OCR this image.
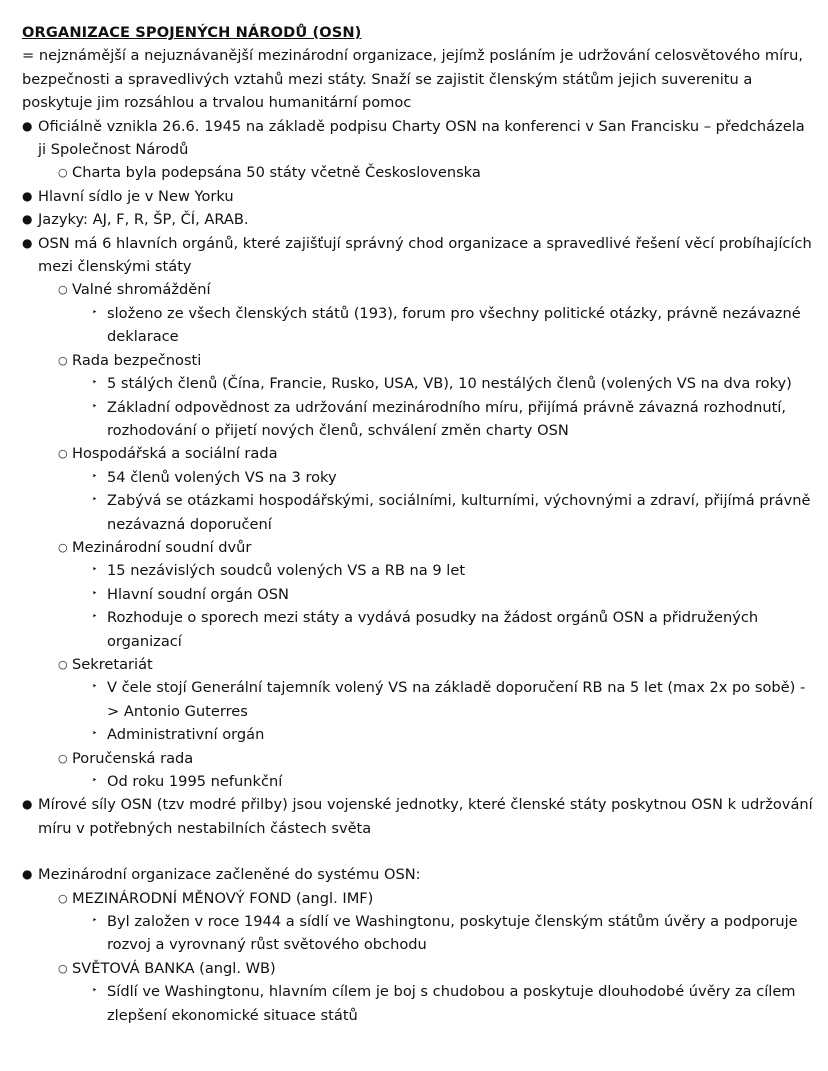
ORGANIZACE SPOJENÝCH NÁRODŮ (OSN)

= nejznámější a nejuznávanější mezinárodní organizace, jejímž posláním je udržování celosvětového míru, bezpečnosti a spravedlivých vztahů mezi státy. Snaží se zajistit členským státům jejich suverenitu a poskytuje jim rozsáhlou a trvalou humanitární pomoc

● Oficiálně vznikla 26.6. 1945 na základě podpisu Charty OSN na konferenci v San Francisku – předcházela ji Společnost Národů
○ Charta byla podepsána 50 státy včetně Československa
● Hlavní sídlo je v New Yorku
● Jazyky: AJ, F, R, ŠP, ČÍ, ARAB.
● OSN má 6 hlavních orgánů, které zajišťují správný chod organizace a spravedlivé řešení věcí probíhajících mezi členskými státy
○ Valné shromáždění
‣ složeno ze všech členských států (193), forum pro všechny politické otázky, právně nezávazné deklarace
○ Rada bezpečnosti
‣ 5 stálých členů (Čína, Francie, Rusko, USA, VB), 10 nestálých členů (volených VS na dva roky)
‣ Základní odpovědnost za udržování mezinárodního míru, přijímá právně závazná rozhodnutí, rozhodování o přijetí nových členů, schválení změn charty OSN
○ Hospodářská a sociální rada
‣ 54 členů volených VS na 3 roky
‣ Zabývá se otázkami hospodářskými, sociálními, kulturními, výchovnými a zdraví, přijímá právně nezávazná doporučení
○ Mezinárodní soudní dvůr
‣ 15 nezávislých soudců volených VS a RB na 9 let
‣ Hlavní soudní orgán OSN
‣ Rozhoduje o sporech mezi státy a vydává posudky na žádost orgánů OSN a přidružených organizací
○ Sekretariát
‣ V čele stojí Generální tajemník volený VS na základě doporučení RB na 5 let (max 2x po sobě) -> Antonio Guterres
‣ Administrativní orgán
○ Poručenská rada
‣ Od roku 1995 nefunkční
● Mírové síly OSN (tzv modré přilby) jsou vojenské jednotky, které členské státy poskytnou OSN k udržování míru v potřebných nestabilních částech světa
● Mezinárodní organizace začleněné do systému OSN:
○ MEZINÁRODNÍ MĚNOVÝ FOND (angl. IMF)
‣ Byl založen v roce 1944 a sídlí ve Washingtonu, poskytuje členským státům úvěry a podporuje rozvoj a vyrovnaný růst světového obchodu
○ SVĚTOVÁ BANKA (angl. WB)
‣ Sídlí ve Washingtonu, hlavním cílem je boj s chudobou a poskytuje dlouhodobé úvěry za cílem zlepšení ekonomické situace států
